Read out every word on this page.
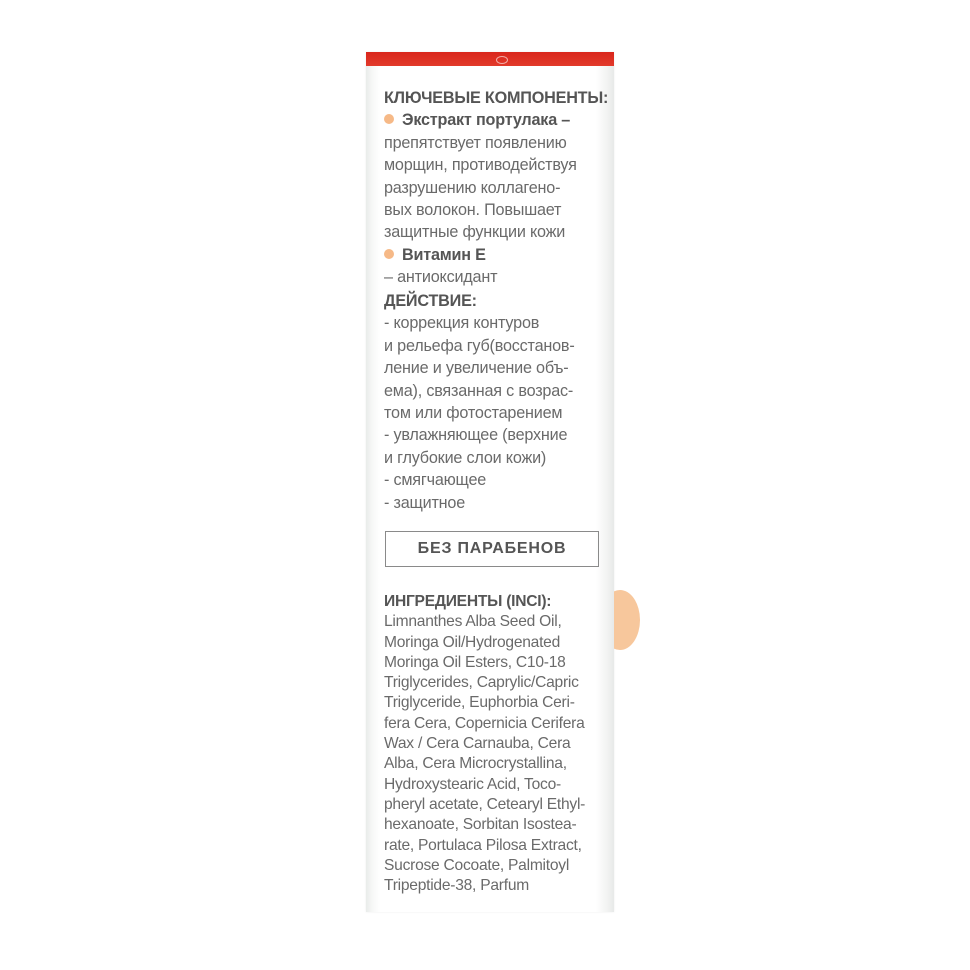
КЛЮЧЕВЫЕ КОМПОНЕНТЫ:
Экстракт портулака –
препятствует появлению
морщин, противодействуя
разрушению коллагено-
вых волокон. Повышает
защитные функции кожи
Витамин Е
– антиоксидант
ДЕЙСТВИЕ:
- коррекция контуров
и рельефа губ(восстанов-
ление и увеличение объ-
ема), связанная с возрас-
том или фотостарением
- увлажняющее (верхние
и глубокие слои кожи)
- смягчающее
- защитное
БЕЗ ПАРАБЕНОВ
ИНГРЕДИЕНТЫ (INCI):
Limnanthes Alba Seed Oil,
Moringa Oil/Hydrogenated
Moringa Oil Esters, C10-18
Triglycerides, Caprylic/Capric
Triglyceride, Euphorbia Ceri-
fera Cera, Copernicia Cerifera
Wax / Cera Carnauba, Cera
Alba, Cera Microcrystallina,
Hydroxystearic Acid, Toco-
pheryl acetate, Cetearyl Ethyl-
hexanoate, Sorbitan Isostea-
rate, Portulaca Pilosa Extract,
Sucrose Cocoate, Palmitoyl
Tripeptide-38, Parfum
